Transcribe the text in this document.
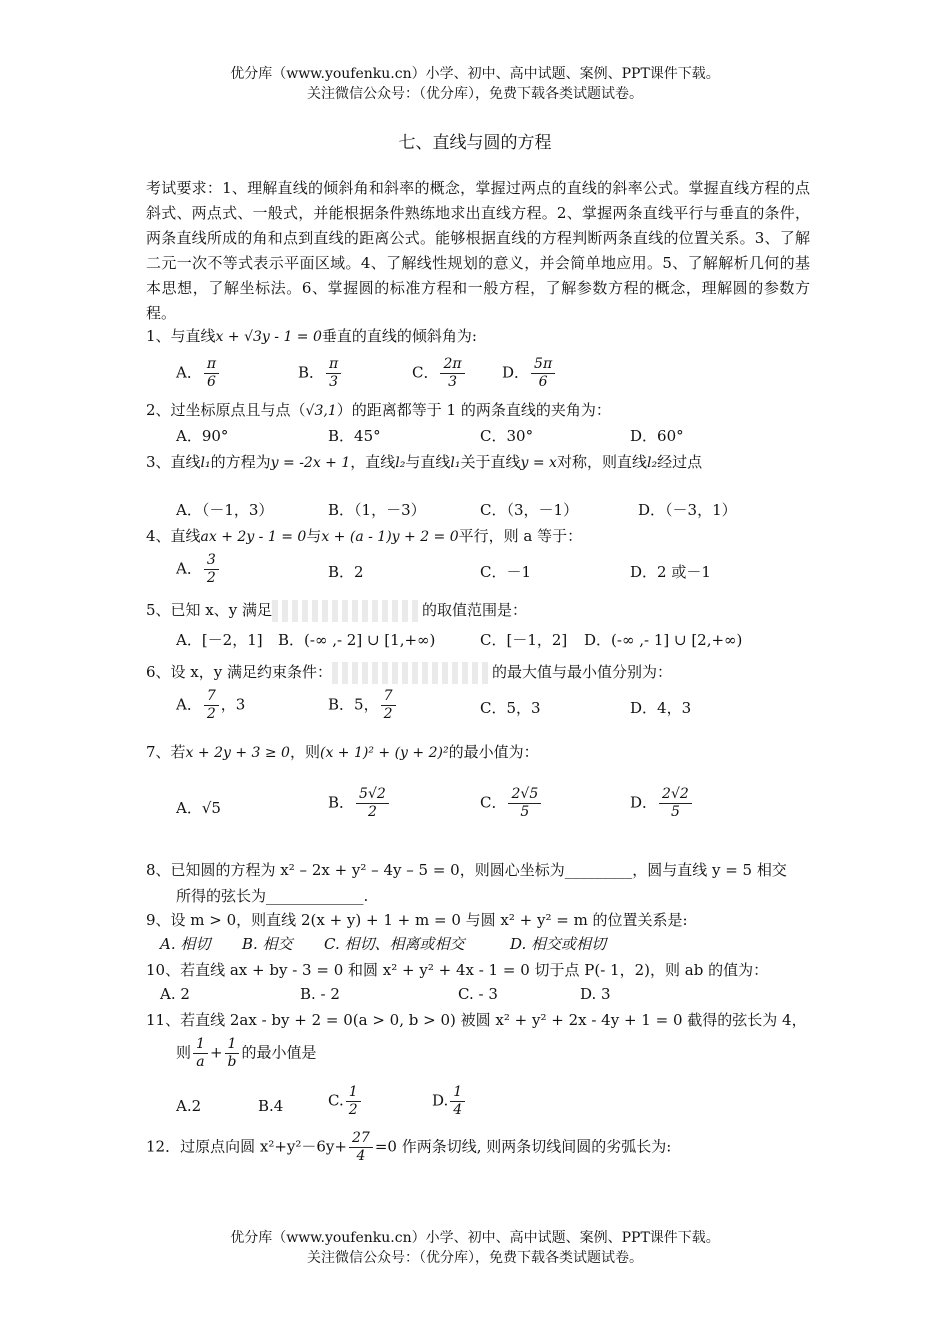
优分库（www.youfenku.cn）小学、初中、高中试题、案例、PPT课件下载。
关注微信公众号：（优分库），免费下载各类试题试卷。
七、直线与圆的方程
考试要求：1、理解直线的倾斜角和斜率的概念，掌握过两点的直线的斜率公式。掌握直线方程的点斜式、两点式、一般式，并能根据条件熟练地求出直线方程。2、掌握两条直线平行与垂直的条件，两条直线所成的角和点到直线的距离公式。能够根据直线的方程判断两条直线的位置关系。3、了解二元一次不等式表示平面区域。4、了解线性规划的意义，并会简单地应用。5、了解解析几何的基本思想，了解坐标法。6、掌握圆的标准方程和一般方程，了解参数方程的概念，理解圆的参数方程。
1、与直线x + √3y - 1 = 0垂直的直线的倾斜角为:
A． $\frac{\pi}{6}$	B． $\frac{\pi}{3}$	C． $\frac{2\pi}{3}$ D． $\frac{5\pi}{6}$
2、过坐标原点且与点（√3,1）的距离都等于 1 的两条直线的夹角为：
A．90°	B．45°	C．30°	D．60°
3、直线l₁的方程为y = -2x + 1，直线l₂与直线l₁关于直线y = x对称，则直线l₂经过点
A．（－1，3）	B．（1，－3）	C．（3，－1）	D．（－3，1）
4、直线ax + 2y - 1 = 0与x + (a - 1)y + 2 = 0平行，则 a 等于：
A． $\frac{3}{2}$	B．2	C．－1	D．2 或－1
5、已知 x、y 满足	的取值范围是：
A．[－2，1] B．(-∞ ,- 2] ∪ [1,+∞)	C．[－1，2] D．(-∞ ,- 1] ∪ [2,+∞)
6、设 x，y 满足约束条件：	的最大值与最小值分别为：
A． $\frac{7}{2}$ ，3	B．5， $\frac{7}{2}$	C．5，3	D．4，3
7、若x + 2y + 3 ≥ 0，则(x + 1)² + (y + 2)²的最小值为：
A．√5	B． $\frac{5√2}{2}$	C． $\frac{2√5}{5}$	D． $\frac{2√2}{5}$
8、已知圆的方程为 x² – 2x + y² – 4y – 5 = 0，则圆心坐标为_________，圆与直线 y = 5 相交
所得的弦长为_____________.
9、设 m > 0，则直线 2(x + y) + 1 + m = 0 与圆 x² + y² = m 的位置关系是:
A. 相切 B. 相交 C. 相切、相离或相交	D. 相交或相切
10、若直线 ax + by - 3 = 0 和圆 x² + y² + 4x - 1 = 0 切于点 P(- 1，2)，则 ab 的值为：
A. 2	B. - 2	C. - 3	D. 3
11、若直线 2ax - by + 2 = 0(a > 0, b > 0) 被圆 x² + y² + 2x - 4y + 1 = 0 截得的弦长为 4，
则 $\frac{1}{a} + \frac{1}{b}$ 的最小值是
A.2	B.4	C. $\frac{1}{2}$	D. $\frac{1}{4}$
12．过原点向圆 $x^2+y^2-6y+ \frac{27}{4} =0$ 作两条切线, 则两条切线间圆的劣弧长为:
优分库（www.youfenku.cn）小学、初中、高中试题、案例、PPT课件下载。
关注微信公众号：（优分库），免费下载各类试题试卷。
